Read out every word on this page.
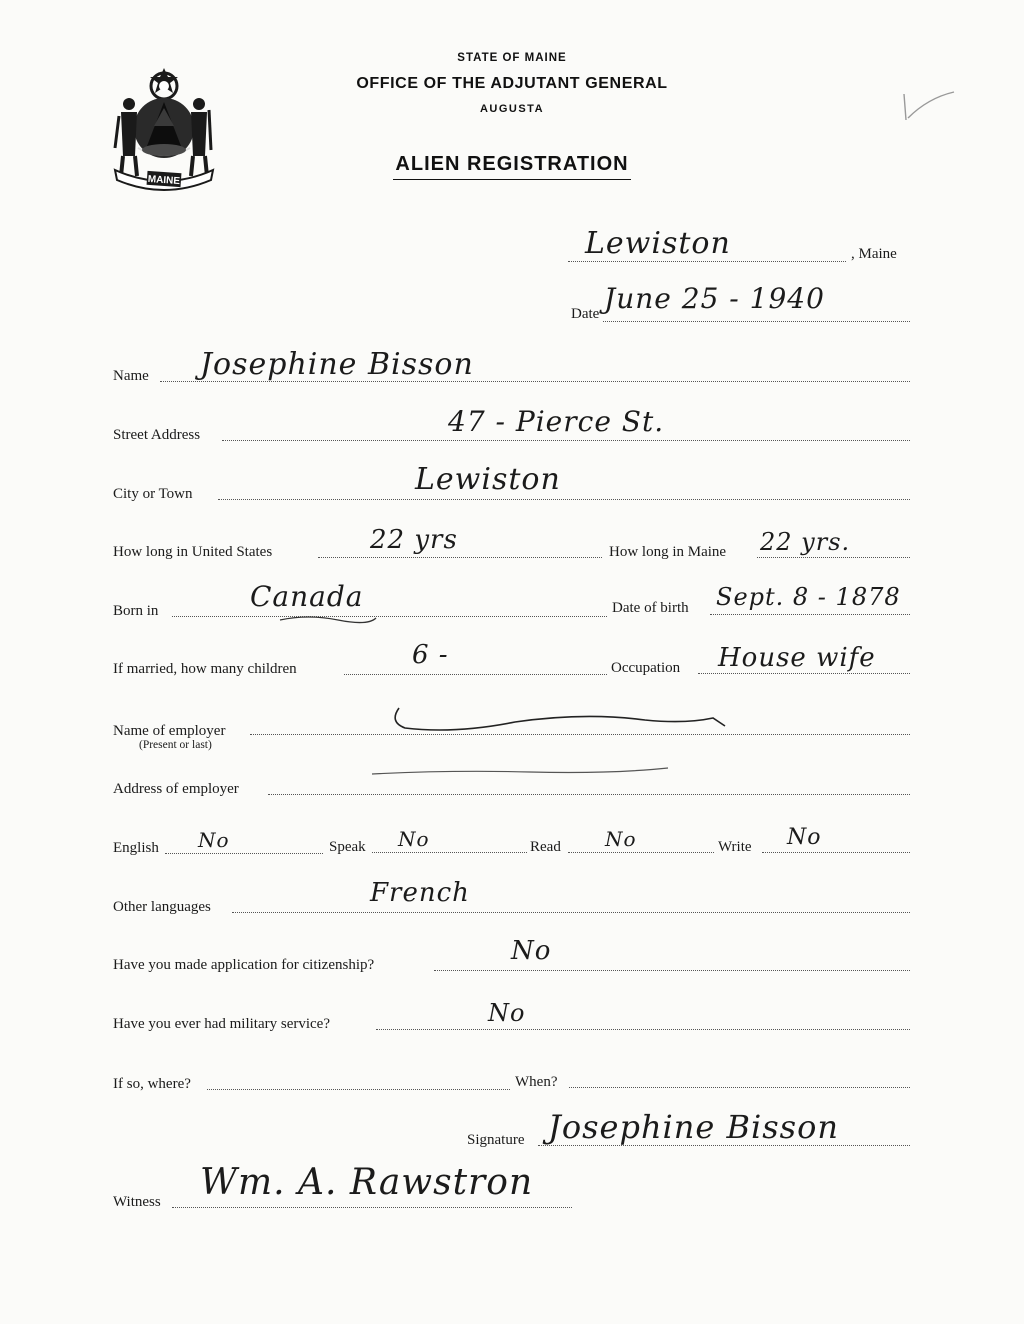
MAINE
STATE OF MAINE
OFFICE OF THE ADJUTANT GENERAL
AUGUSTA
ALIEN REGISTRATION
Lewiston	, Maine
Date June 25 - 1940
Name Josephine Bisson
Street Address	47 - Pierce St.
City or Town	Lewiston
How long in United States	22 yrs	How long in Maine 22 yrs.
Born in	Canada	Date of birth Sept. 8 - 1878
If married, how many children	6 -	Occupation House wife
Name of employer
(Present or last)
Address of employer
English No	Speak No	Read No	Write No
Other languages	French
Have you made application for citizenship?	No
Have you ever had military service?	No
If so, where?	When?
Signature Josephine Bisson
Witness Wm. A. Rawstron
